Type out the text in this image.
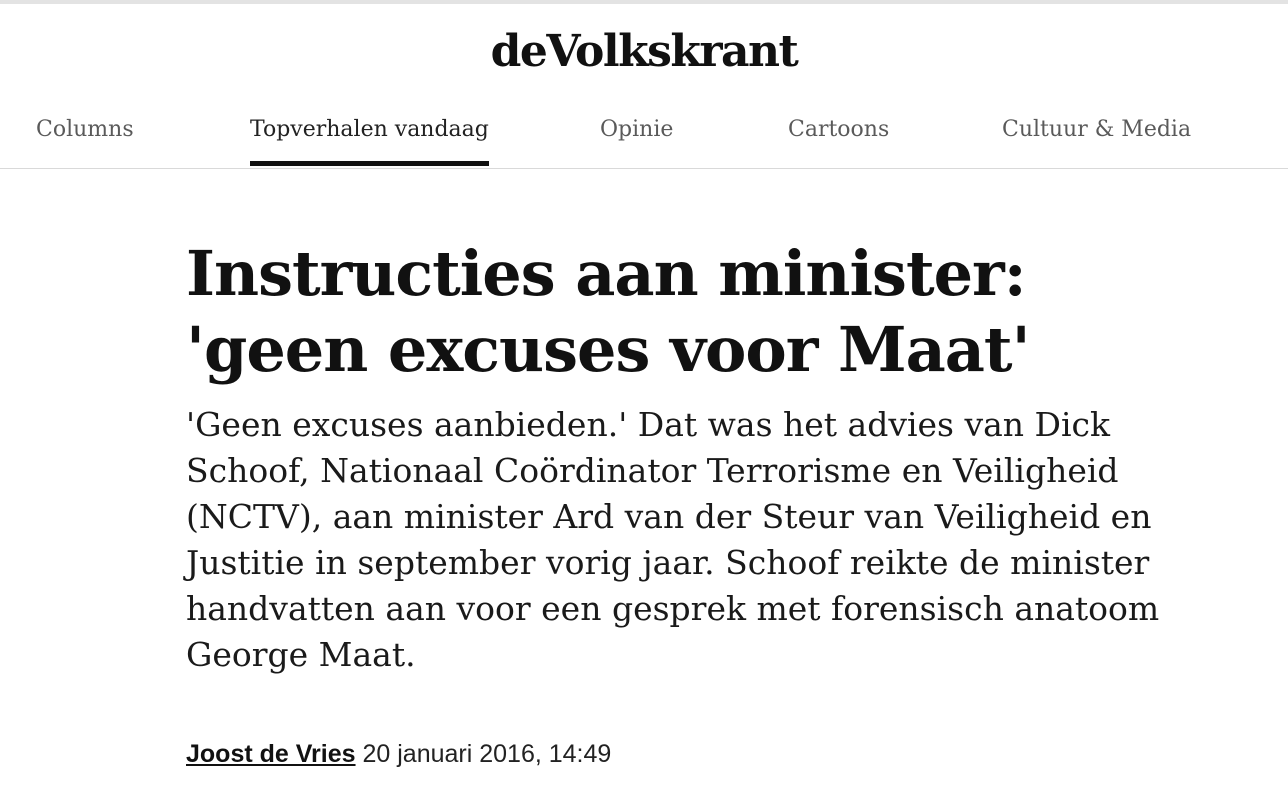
deVolkskrant
Columns	Topverhalen vandaag	Opinie	Cartoons	Cultuur & Media
Instructies aan minister:
'geen excuses voor Maat'

'Geen excuses aanbieden.' Dat was het advies van Dick Schoof, Nationaal Coördinator Terrorisme en Veiligheid (NCTV), aan minister Ard van der Steur van Veiligheid en Justitie in september vorig jaar. Schoof reikte de minister handvatten aan voor een gesprek met forensisch anatoom George Maat.

Joost de Vries 20 januari 2016, 14:49
